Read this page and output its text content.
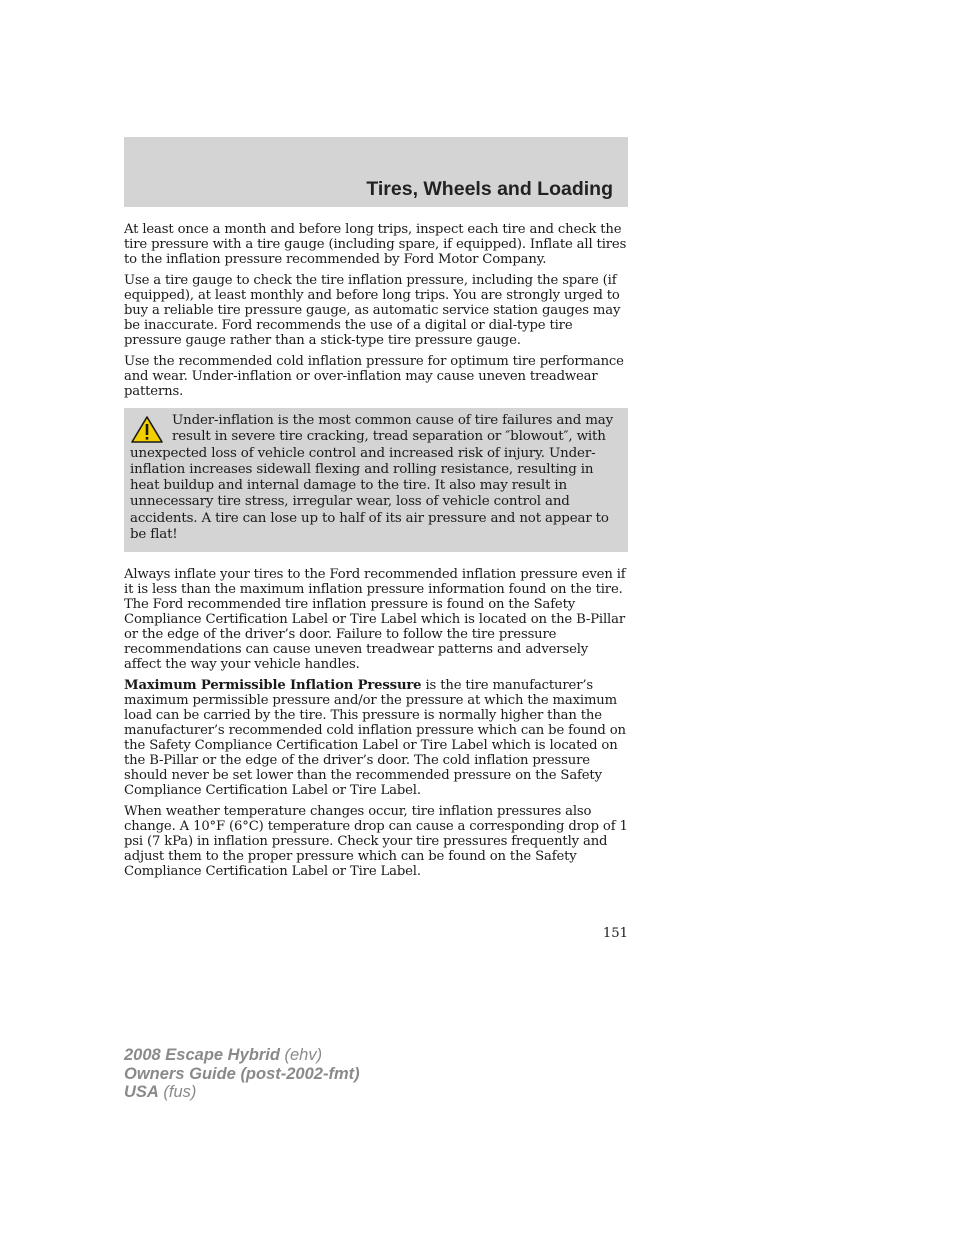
Tires, Wheels and Loading

At least once a month and before long trips, inspect each tire and check the tire pressure with a tire gauge (including spare, if equipped). Inflate all tires to the inflation pressure recommended by Ford Motor Company.

Use a tire gauge to check the tire inflation pressure, including the spare (if equipped), at least monthly and before long trips. You are strongly urged to buy a reliable tire pressure gauge, as automatic service station gauges may be inaccurate. Ford recommends the use of a digital or dial-type tire pressure gauge rather than a stick-type tire pressure gauge.

Use the recommended cold inflation pressure for optimum tire performance and wear. Under-inflation or over-inflation may cause uneven treadwear patterns.

Under-inflation is the most common cause of tire failures and may result in severe tire cracking, tread separation or ″blowout″, with unexpected loss of vehicle control and increased risk of injury. Under-inflation increases sidewall flexing and rolling resistance, resulting in heat buildup and internal damage to the tire. It also may result in unnecessary tire stress, irregular wear, loss of vehicle control and accidents. A tire can lose up to half of its air pressure and not appear to be flat!

Always inflate your tires to the Ford recommended inflation pressure even if it is less than the maximum inflation pressure information found on the tire. The Ford recommended tire inflation pressure is found on the Safety Compliance Certification Label or Tire Label which is located on the B-Pillar or the edge of the driver’s door. Failure to follow the tire pressure recommendations can cause uneven treadwear patterns and adversely affect the way your vehicle handles.

Maximum Permissible Inflation Pressure is the tire manufacturer’s maximum permissible pressure and/or the pressure at which the maximum load can be carried by the tire. This pressure is normally higher than the manufacturer’s recommended cold inflation pressure which can be found on the Safety Compliance Certification Label or Tire Label which is located on the B-Pillar or the edge of the driver’s door. The cold inflation pressure should never be set lower than the recommended pressure on the Safety Compliance Certification Label or Tire Label.

When weather temperature changes occur, tire inflation pressures also change. A 10°F (6°C) temperature drop can cause a corresponding drop of 1 psi (7 kPa) in inflation pressure. Check your tire pressures frequently and adjust them to the proper pressure which can be found on the Safety Compliance Certification Label or Tire Label.

151
2008 Escape Hybrid (ehv)
Owners Guide (post-2002-fmt)
USA (fus)
